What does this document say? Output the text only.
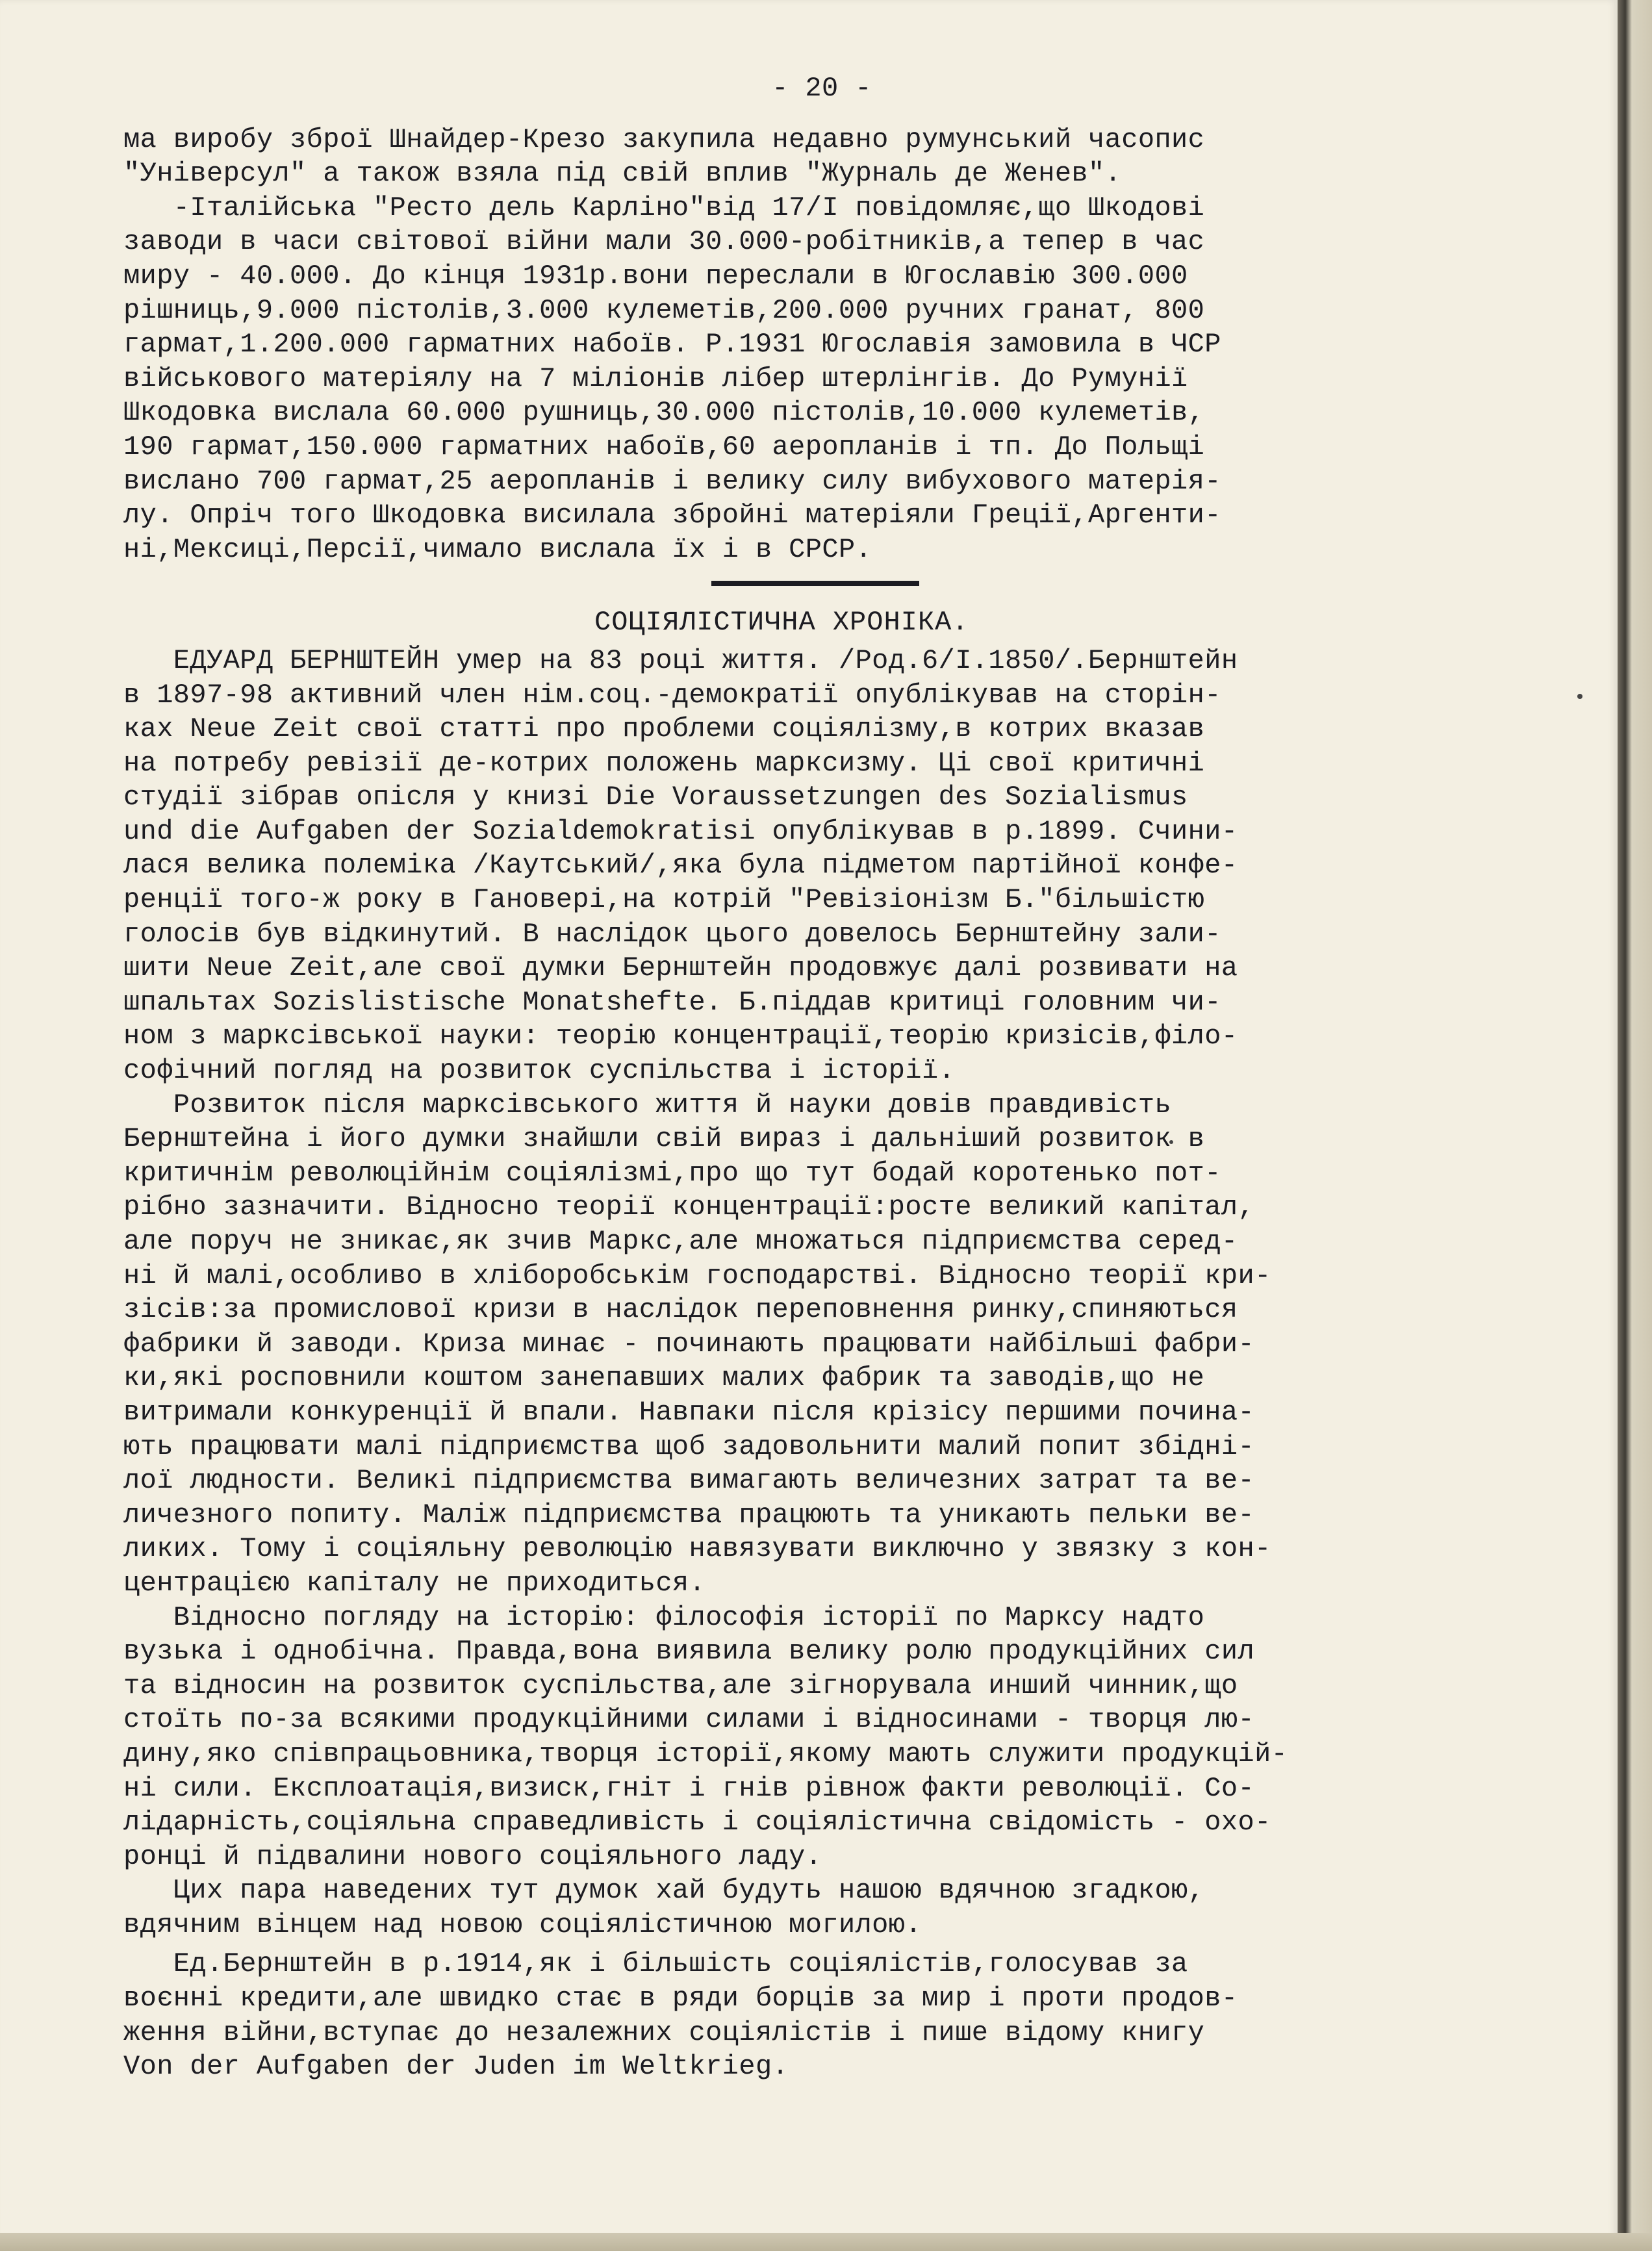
- 20 -
ма виробу зброї Шнайдер-Крезо закупила недавно румунський часопис
"Універсул" а також взяла під свій вплив "Журналь де Женев".
-Італійська "Ресто дель Карліно"від 17/I повідомляє,що Шкодові
заводи в часи світової війни мали 30.000-робітників,а тепер в час
миру - 40.000. До кінця 1931р.вони переслали в Югославію 300.000
рішниць,9.000 пістолів,3.000 кулеметів,200.000 ручних гранат, 800
гармат,1.200.000 гарматних набоїв. Р.1931 Югославія замовила в ЧСР
військового матеріялу на 7 міліонів лібер штерлінгів. До Румунії
Шкодовка вислала 60.000 рушниць,30.000 пістолів,10.000 кулеметів,
190 гармат,150.000 гарматних набоїв,60 аеропланів і тп. До Польщі
вислано 700 гармат,25 аеропланів і велику силу вибухового матерія-
лу. Опріч того Шкодовка висилала збройні матеріяли Греції,Аргенти-
ні,Мексиці,Персії,чимало вислала їх і в СРСР.
СОЦІЯЛІСТИЧНА ХРОНІКА.
ЕДУАРД БЕРНШТЕЙН умер на 83 році життя. /Род.6/I.1850/.Бернштейн
в 1897-98 активний член нім.соц.-демократії опублікував на сторін-
ках Neue Zeit свої статті про проблеми соціялізму,в котрих вказав
на потребу ревізії де-котрих положень марксизму. Ці свої критичні
студії зібрав опісля у книзі Die Voraussetzungen des Sozialismus
und die Aufgaben der Sozialdemokratisi опублікував в р.1899. Счини-
лася велика полеміка /Каутський/,яка була підметом партійної конфе-
ренції того-ж року в Гановері,на котрій "Ревізіонізм Б."більшістю
голосів був відкинутий. В наслідок цього довелось Бернштейну зали-
шити Neue Zeit,але свої думки Бернштейн продовжує далі розвивати на
шпальтах Sozislistische Monatshefte. Б.піддав критиці головним чи-
ном з марксівської науки: теорію концентрації,теорію кризісів,філо-
софічний погляд на розвиток суспільства і історії.
Розвиток після марксівського життя й науки довів правдивість
Бернштейна і його думки знайшли свій вираз і дальніший розвиток в
критичнім революційнім соціялізмі,про що тут бодай коротенько пот-
рібно зазначити. Відносно теорії концентрації:росте великий капітал,
але поруч не зникає,як зчив Маркс,але множаться підприємства серед-
ні й малі,особливо в хліборобськім господарстві. Відносно теорії кри-
зісів:за промислової кризи в наслідок переповнення ринку,спиняються
фабрики й заводи. Криза минає - починають працювати найбільші фабри-
ки,які росповнили коштом занепавших малих фабрик та заводів,що не
витримали конкуренції й впали. Навпаки після крізісу першими почина-
ють працювати малі підприємства щоб задовольнити малий попит збідні-
лої людности. Великі підприємства вимагають величезних затрат та ве-
личезного попиту. Маліж підприємства працюють та уникають пельки ве-
ликих. Тому і соціяльну революцію навязувати виключно у звязку з кон-
центрацією капіталу не приходиться.
Відносно погляду на історію: філософія історії по Марксу надто
вузька і однобічна. Правда,вона виявила велику ролю продукційних сил
та відносин на розвиток суспільства,але зігнорувала инший чинник,що
стоїть по-за всякими продукційними силами і відносинами - творця лю-
дину,яко співпрацьовника,творця історії,якому мають служити продукцій-
ні сили. Експлоатація,визиск,гніт і гнів рівнож факти революції. Со-
лідарність,соціяльна справедливість і соціялістична свідомість - охо-
ронці й підвалини нового соціяльного ладу.
Цих пара наведених тут думок хай будуть нашою вдячною згадкою,
вдячним вінцем над новою соціялістичною могилою.
Ед.Бернштейн в р.1914,як і більшість соціялістів,голосував за
воєнні кредити,але швидко стає в ряди борців за мир і проти продов-
ження війни,вступає до незалежних соціялістів і пише відому книгу
Von der Aufgaben der Juden im Weltkrieg.
